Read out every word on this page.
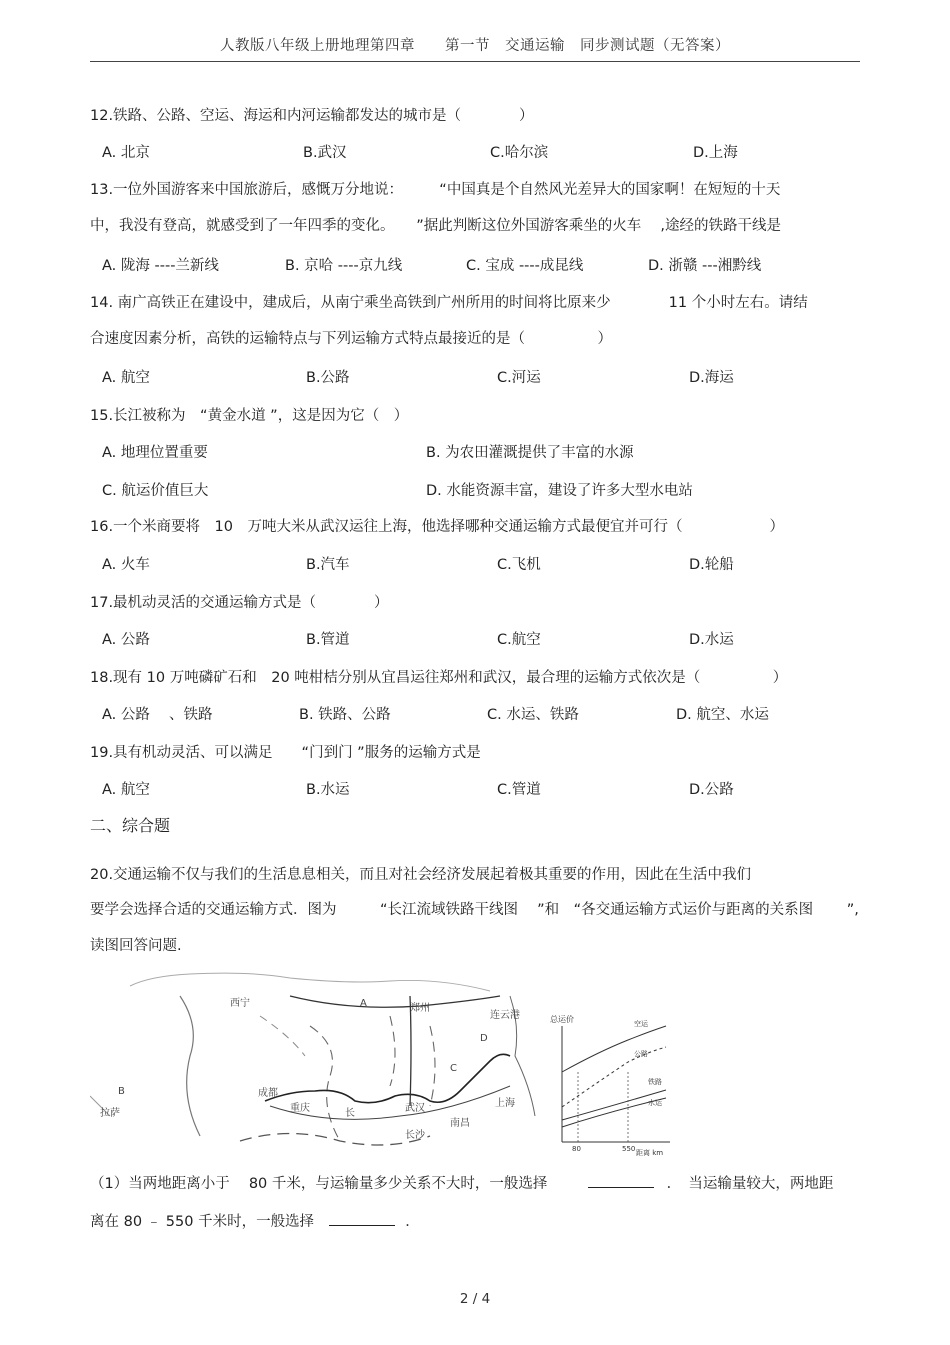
人教版八年级上册地理第四章　　第一节　交通运输　同步测试题（无答案）
12.铁路、公路、空运、海运和内河运输都发达的城市是（　　　　）
A. 北京	B.武汉	C.哈尔滨	D.上海
13.一位外国游客来中国旅游后，感慨万分地说：　　　“中国真是个自然风光差异大的国家啊！在短短的十天
中，我没有登高，就感受到了一年四季的变化。　　”据此判断这位外国游客乘坐的火车　 ,途经的铁路干线是
A. 陇海 ----兰新线	B. 京哈 ----京九线	C. 宝成 ----成昆线	D. 浙赣 ---湘黔线
14. 南广高铁正在建设中，建成后，从南宁乘坐高铁到广州所用的时间将比原来少　　　　11 个小时左右。请结
合速度因素分析，高铁的运输特点与下列运输方式特点最接近的是（　　　　　）
A. 航空	B.公路	C.河运	D.海运
15.长江被称为　“黄金水道 ”，这是因为它（　）
A. 地理位置重要	B. 为农田灌溉提供了丰富的水源
C. 航运价值巨大	D. 水能资源丰富，建设了许多大型水电站
16.一个米商要将　10　万吨大米从武汉运往上海，他选择哪种交通运输方式最便宜并可行（　　　　　　）
A. 火车	B.汽车	C.飞机	D.轮船
17.最机动灵活的交通运输方式是（　　　　）
A. 公路	B.管道	C.航空	D.水运
18.现有 10 万吨磷矿石和　20 吨柑桔分别从宜昌运往郑州和武汉，最合理的运输方式依次是（　　　　　）
A. 公路 　、铁路	B. 铁路、公路	C. 水运、铁路	D. 航空、水运
19.具有机动灵活、可以满足　　“门到门 ”服务的运输方式是
A. 航空	B.水运	C.管道	D.公路
二、综合题
20.交通运输不仅与我们的生活息息相关，而且对社会经济发展起着极其重要的作用，因此在生活中我们
要学会选择合适的交通运输方式．图为　　　“长江流域铁路干线图　 ”和　“各交通运输方式运价与距离的关系图　　 ”,
读图回答问题.
西宁	郑州
连云港
A
B	成都
重庆	长	武汉
长沙
C
D
南昌
上海
拉萨
总运价
距离 km
空运
公路
铁路
水运
80	550
（1）当两地距离小于　 80 千米，与运输量多少关系不大时，一般选择	．　当运输量较大，两地距
离在 80 ﹣ 550 千米时，一般选择	．
2 / 4
